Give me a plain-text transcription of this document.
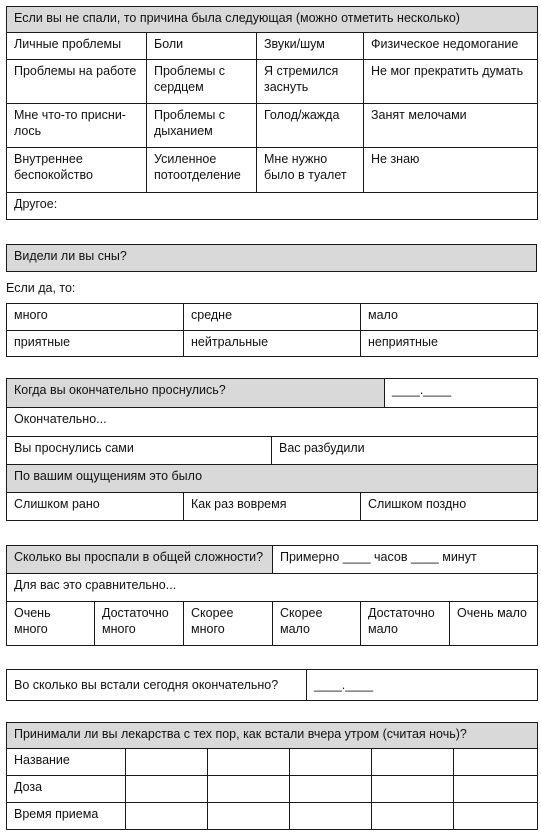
Если вы не спали, то причина была следующая (можно отметить несколько)			
Личные проблемы	Боли	Звуки/шум	Физическое недомогание
Проблемы на работе	Проблемы с сердцем	Я стремился заснуть	Не мог прекратить думать
Мне что-то присни-лось	Проблемы с дыханием	Голод/жажда	Занят мелочами
Внутреннее беспокойство	Усиленное потоотделение	Мне нужно было в туалет	Не знаю
Другое:			
Видели ли вы сны?
Если да, то:
много	средне	мало
приятные	нейтральные	неприятные
Когда вы окончательно проснулись?				____.____
Окончательно...				
Вы проснулись сами		Вас разбудили		
По вашим ощущениям это было				
Слишком рано	Как раз вовремя		Слишком поздно	
Сколько вы проспали в общей сложности?			Примерно ____ часов ____ минут		
Для вас это сравнительно...					
Очень много	Достаточно много	Скорее много	Скорее мало	Достаточно мало	Очень мало
Во сколько вы встали сегодня окончательно?	____.____
Принимали ли вы лекарства с тех пор, как встали вчера утром (считая ночь)?					
Название					
Доза					
Время приема					
